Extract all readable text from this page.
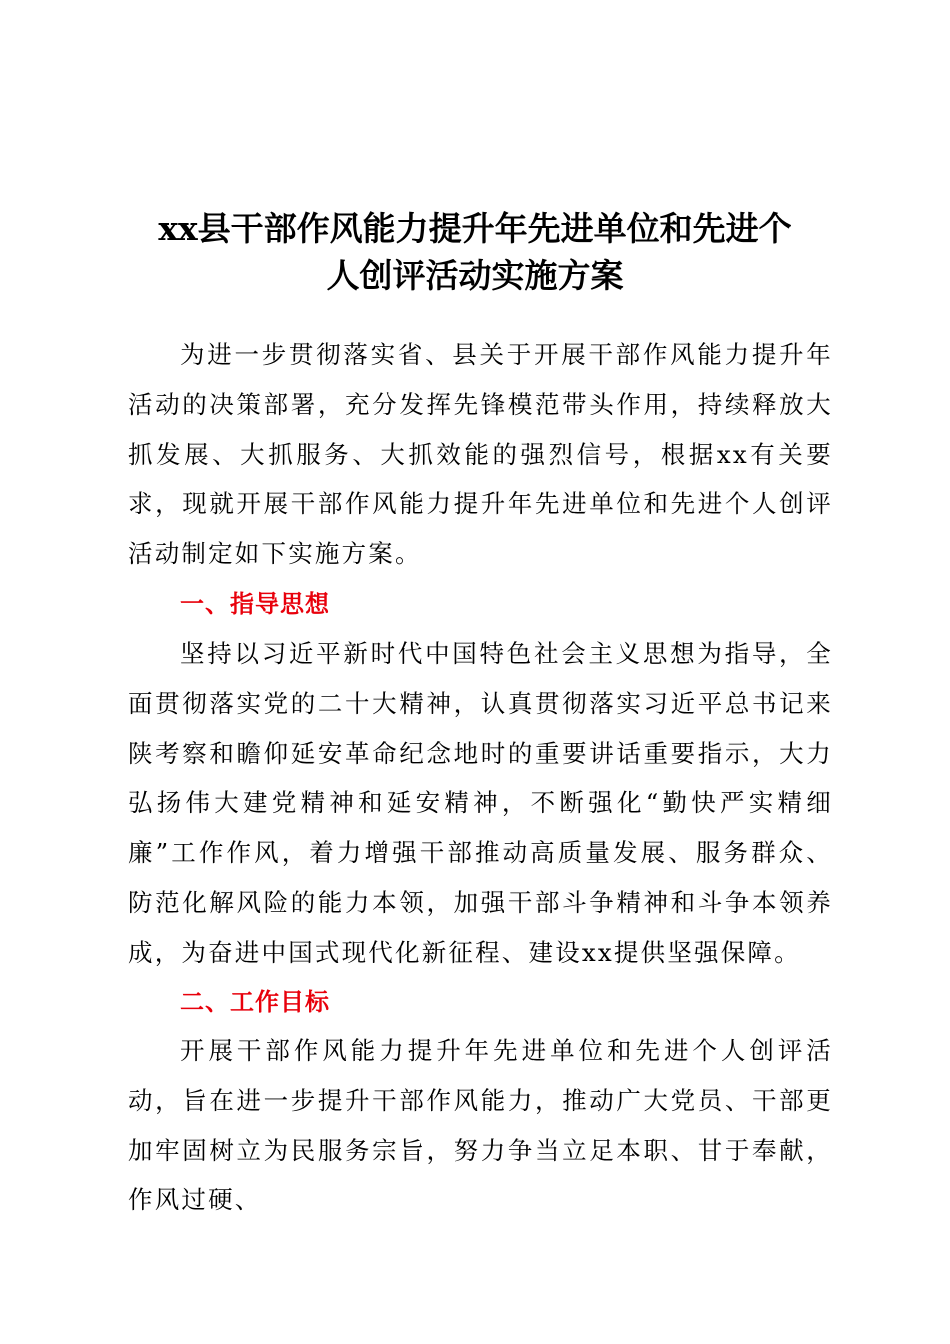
xx县干部作风能力提升年先进单位和先进个
人创评活动实施方案

为进一步贯彻落实省、县关于开展干部作风能力提升年活动的决策部署，充分发挥先锋模范带头作用，持续释放大抓发展、大抓服务、大抓效能的强烈信号，根据xx有关要求，现就开展干部作风能力提升年先进单位和先进个人创评活动制定如下实施方案。

一、指导思想

坚持以习近平新时代中国特色社会主义思想为指导，全面贯彻落实党的二十大精神，认真贯彻落实习近平总书记来陕考察和瞻仰延安革命纪念地时的重要讲话重要指示，大力弘扬伟大建党精神和延安精神，不断强化“勤快严实精细廉”工作作风，着力增强干部推动高质量发展、服务群众、防范化解风险的能力本领，加强干部斗争精神和斗争本领养成，为奋进中国式现代化新征程、建设xx提供坚强保障。

二、工作目标

开展干部作风能力提升年先进单位和先进个人创评活动，旨在进一步提升干部作风能力，推动广大党员、干部更加牢固树立为民服务宗旨，努力争当立足本职、甘于奉献，作风过硬、
